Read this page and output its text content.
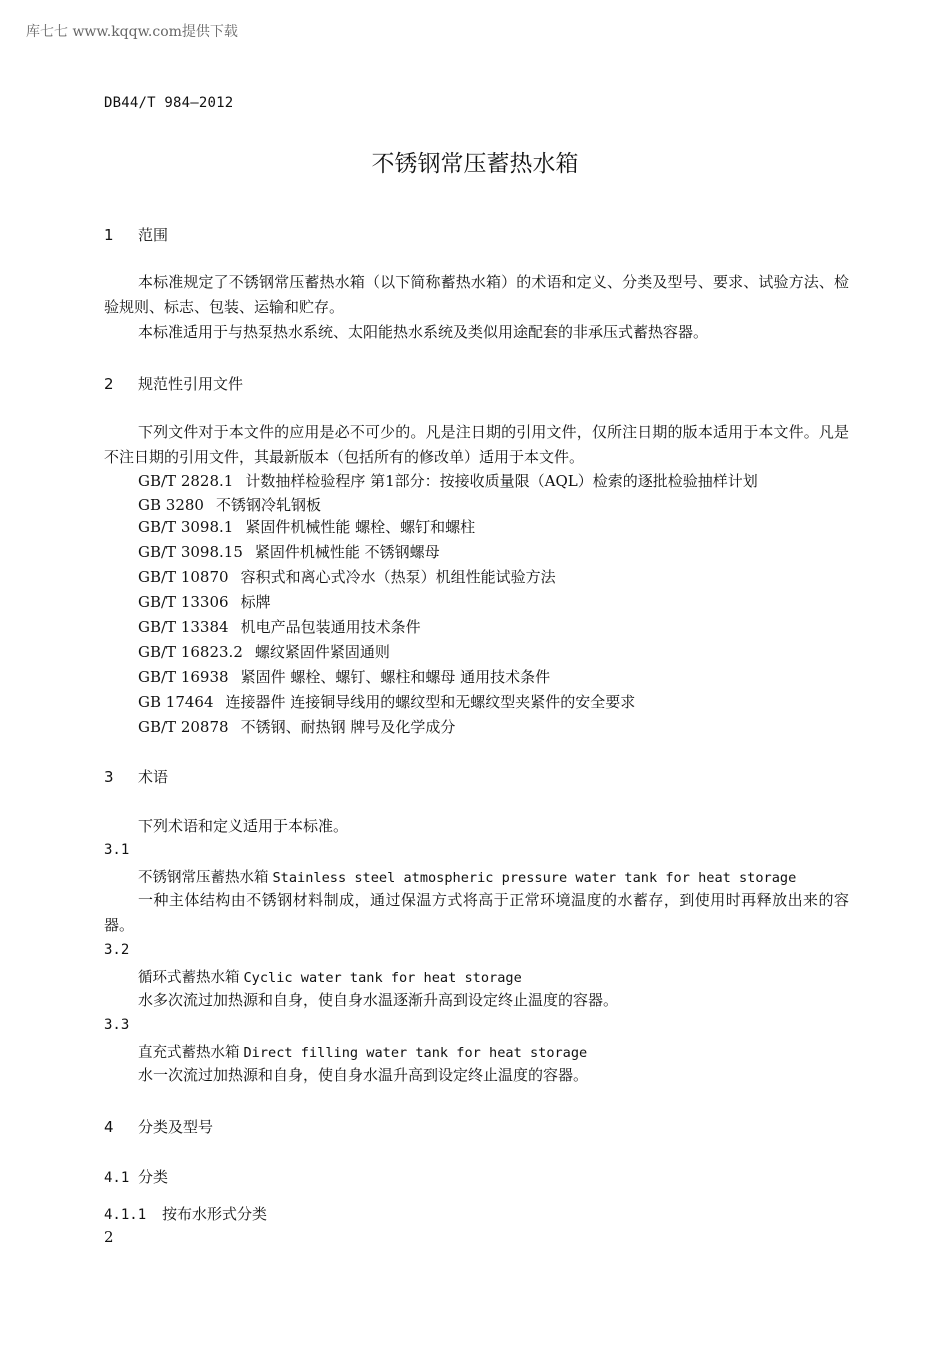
库七七 www.kqqw.com提供下载
DB44/T 984—2012
不锈钢常压蓄热水箱
1 范围
本标准规定了不锈钢常压蓄热水箱（以下简称蓄热水箱）的术语和定义、分类及型号、要求、试验方法、检验规则、标志、包装、运输和贮存。
本标准适用于与热泵热水系统、太阳能热水系统及类似用途配套的非承压式蓄热容器。
2 规范性引用文件
下列文件对于本文件的应用是必不可少的。凡是注日期的引用文件，仅所注日期的版本适用于本文件。凡是不注日期的引用文件，其最新版本（包括所有的修改单）适用于本文件。
GB/T 2828.1 计数抽样检验程序 第1部分：按接收质量限（AQL）检索的逐批检验抽样计划
GB 3280 不锈钢冷轧钢板
GB/T 3098.1 紧固件机械性能 螺栓、螺钉和螺柱
GB/T 3098.15 紧固件机械性能 不锈钢螺母
GB/T 10870 容积式和离心式冷水（热泵）机组性能试验方法
GB/T 13306 标牌
GB/T 13384 机电产品包装通用技术条件
GB/T 16823.2 螺纹紧固件紧固通则
GB/T 16938 紧固件 螺栓、螺钉、螺柱和螺母 通用技术条件
GB 17464 连接器件 连接铜导线用的螺纹型和无螺纹型夹紧件的安全要求
GB/T 20878 不锈钢、耐热钢 牌号及化学成分
3 术语
下列术语和定义适用于本标准。
3.1
不锈钢常压蓄热水箱 Stainless steel atmospheric pressure water tank for heat storage
一种主体结构由不锈钢材料制成，通过保温方式将高于正常环境温度的水蓄存，到使用时再释放出来的容器。
3.2
循环式蓄热水箱 Cyclic water tank for heat storage
水多次流过加热源和自身，使自身水温逐渐升高到设定终止温度的容器。
3.3
直充式蓄热水箱 Direct filling water tank for heat storage
水一次流过加热源和自身，使自身水温升高到设定终止温度的容器。
4 分类及型号
4.1 分类
4.1.1 按布水形式分类
2
